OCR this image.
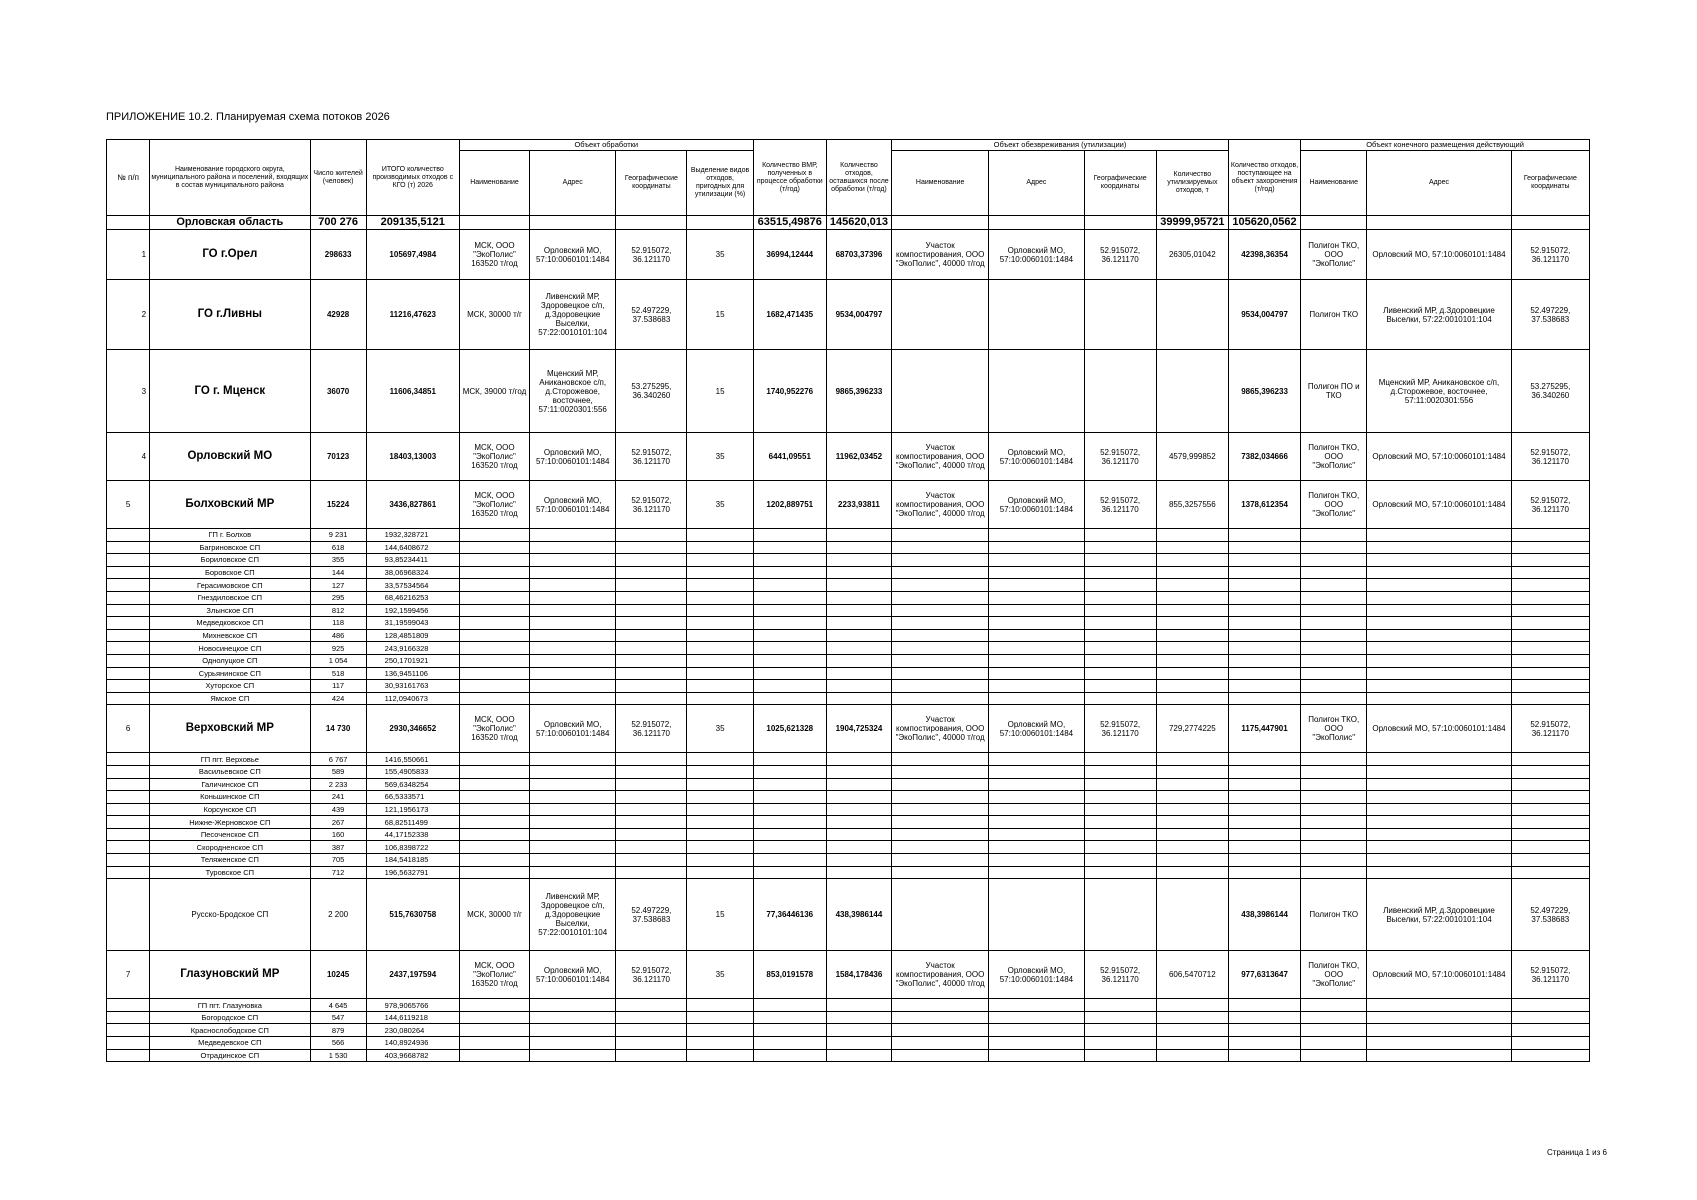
ПРИЛОЖЕНИЕ 10.2. Планируемая схема потоков 2026
№ п/п	Наименование городского округа, муниципального района и поселений, входящих в состав муниципального района	Число жителей (человек)	ИТОГО количество производимых отходов с КГО (т) 2026	Объект обработки				Количество ВМР, полученных в процессе обработки (т/год)	Количество отходов, оставшихся после обработки (т/год)	Объект обезвреживания (утилизации)				Количество отходов, поступающее на объект захоронения (т/год)	Объект конечного размещения действующий		
				Наименование	Адрес	Географические координаты	Выделение видов отходов, пригодных для утилизации (%)			Наименование	Адрес	Географические координаты	Количество утилизируемых отходов, т		Наименование	Адрес	Географические координаты
	Орловская область	700 276	209135,5121					63515,49876	145620,013				39999,95721	105620,0562			
1	ГО г.Орел	298633	105697,4984	МСК, ООО "ЭкоПолис" 163520 т/год	Орловский МО, 57:10:0060101:1484	52.915072, 36.121170	35	36994,12444	68703,37396	Участок компостирования, ООО "ЭкоПолис", 40000 т/год	Орловский МО, 57:10:0060101:1484	52.915072, 36.121170	26305,01042	42398,36354	Полигон ТКО, ООО "ЭкоПолис"	Орловский МО, 57:10:0060101:1484	52.915072, 36.121170
2	ГО г.Ливны	42928	11216,47623	МСК, 30000 т/г	Ливенский МР, Здоровецкое с/п, д.Здоровецкие Выселки, 57:22:0010101:104	52.497229, 37.538683	15	1682,471435	9534,004797					9534,004797	Полигон ТКО	Ливенский МР, д.Здоровецкие Выселки, 57:22:0010101:104	52.497229, 37.538683
3	ГО г. Мценск	36070	11606,34851	МСК, 39000 т/год	Мценский МР, Аникановское с/п, д.Сторожевое, восточнее, 57:11:0020301:556	53.275295, 36.340260	15	1740,952276	9865,396233					9865,396233	Полигон ПО и ТКО	Мценский МР, Аникановское с/п, д.Сторожевое, восточнее, 57:11:0020301:556	53.275295, 36.340260
4	Орловский МО	70123	18403,13003	МСК, ООО "ЭкоПолис" 163520 т/год	Орловский МО, 57:10:0060101:1484	52.915072, 36.121170	35	6441,09551	11962,03452	Участок компостирования, ООО "ЭкоПолис", 40000 т/год	Орловский МО, 57:10:0060101:1484	52.915072, 36.121170	4579,999852	7382,034666	Полигон ТКО, ООО "ЭкоПолис"	Орловский МО, 57:10:0060101:1484	52.915072, 36.121170
5	Болховский МР	15224	3436,827861	МСК, ООО "ЭкоПолис" 163520 т/год	Орловский МО, 57:10:0060101:1484	52.915072, 36.121170	35	1202,889751	2233,93811	Участок компостирования, ООО "ЭкоПолис", 40000 т/год	Орловский МО, 57:10:0060101:1484	52.915072, 36.121170	855,3257556	1378,612354	Полигон ТКО, ООО "ЭкоПолис"	Орловский МО, 57:10:0060101:1484	52.915072, 36.121170
	ГП г. Болхов	9 231	1932,328721														
	Багриновское СП	618	144,6408672														
	Бориловское СП	355	93,85234411														
	Боровское СП	144	38,06968324														
	Герасимовское СП	127	33,57534564														
	Гнездиловское СП	295	68,46216253														
	Злынское СП	812	192,1599456														
	Медведковское СП	118	31,19599043														
	Михневское СП	486	128,4851809														
	Новосинецкое СП	925	243,9166328														
	Однолуцкое СП	1 054	250,1701921														
	Сурьянинское СП	518	136,9451106														
	Хуторское СП	117	30,93161763														
	Ямское СП	424	112,0940673														
6	Верховский МР	14 730	2930,346652	МСК, ООО "ЭкоПолис" 163520 т/год	Орловский МО, 57:10:0060101:1484	52.915072, 36.121170	35	1025,621328	1904,725324	Участок компостирования, ООО "ЭкоПолис", 40000 т/год	Орловский МО, 57:10:0060101:1484	52.915072, 36.121170	729,2774225	1175,447901	Полигон ТКО, ООО "ЭкоПолис"	Орловский МО, 57:10:0060101:1484	52.915072, 36.121170
	ГП пгт. Верховье	6 767	1416,550661														
	Васильевское СП	589	155,4905833														
	Галичинское СП	2 233	569,6348254														
	Коньшинское СП	241	66,5333571														
	Корсунское СП	439	121,1956173														
	Нижне-Жерновское СП	267	68,82511499														
	Песоченское СП	160	44,17152338														
	Скородненское СП	387	106,8398722														
	Теляженское СП	705	184,5418185														
	Туровское СП	712	196,5632791														
	Русско-Бродское СП	2 200	515,7630758	МСК, 30000 т/г	Ливенский МР, Здоровецкое с/п, д.Здоровецкие Выселки, 57:22:0010101:104	52.497229, 37.538683	15	77,36446136	438,3986144					438,3986144	Полигон ТКО	Ливенский МР, д.Здоровецкие Выселки, 57:22:0010101:104	52.497229, 37.538683
7	Глазуновский МР	10245	2437,197594	МСК, ООО "ЭкоПолис" 163520 т/год	Орловский МО, 57:10:0060101:1484	52.915072, 36.121170	35	853,0191578	1584,178436	Участок компостирования, ООО "ЭкоПолис", 40000 т/год	Орловский МО, 57:10:0060101:1484	52.915072, 36.121170	606,5470712	977,6313647	Полигон ТКО, ООО "ЭкоПолис"	Орловский МО, 57:10:0060101:1484	52.915072, 36.121170
	ГП пгт. Глазуновка	4 645	978,9065766														
	Богородское СП	547	144,6119218														
	Краснослободское СП	879	230,080264														
	Медведевское СП	566	140,8924936														
	Отрадинское СП	1 530	403,9668782														
Страница 1 из 6
